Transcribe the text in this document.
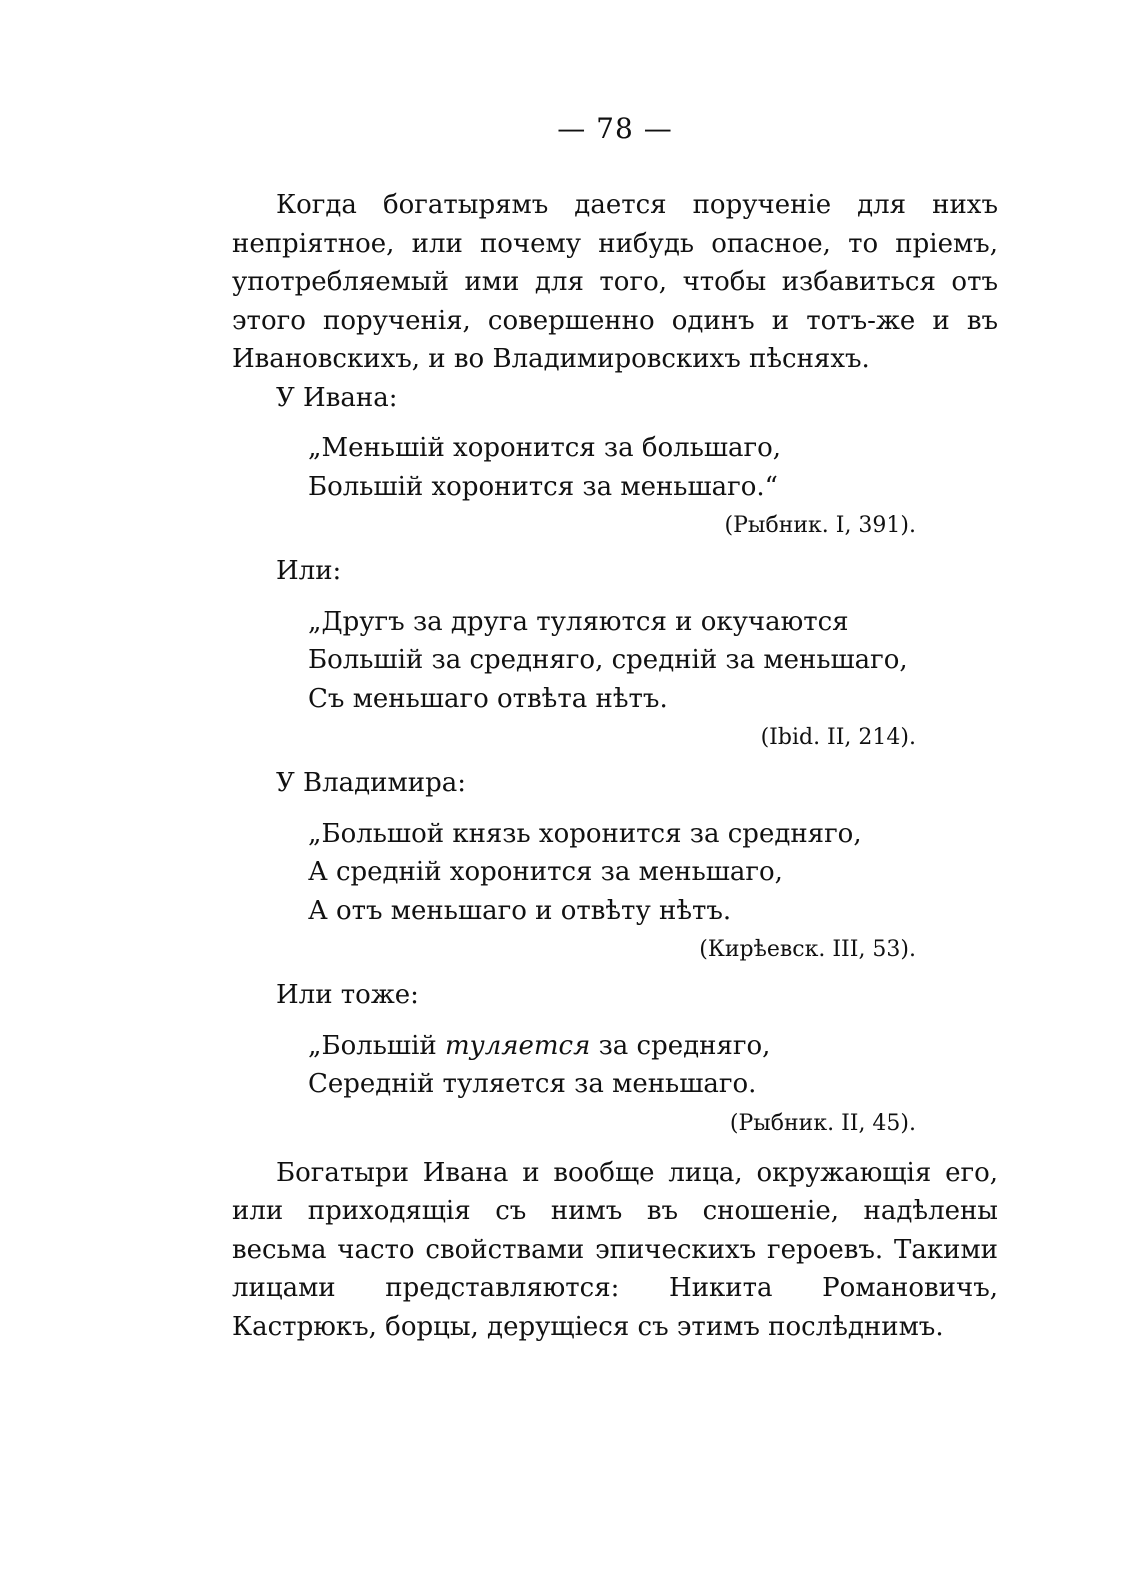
— 78 —

Когда богатырямъ дается порученіе для нихъ непріятное, или почему нибудь опасное, то пріемъ, употребляемый ими для того, чтобы избавиться отъ этого порученія, совершенно одинъ и тотъ-же и въ Ивановскихъ, и во Владимировскихъ пѣсняхъ.

У Ивана:

„Меньшій хоронится за большаго,
Большій хоронится за меньшаго.“
(Рыбник. I, 391).

Или:

„Другъ за друга туляются и окучаются
Большій за средняго, средній за меньшаго,
Съ меньшаго отвѣта нѣтъ.
(Ibid. II, 214).

У Владимира:

„Большой князь хоронится за средняго,
А средній хоронится за меньшаго,
А отъ меньшаго и отвѣту нѣтъ.
(Кирѣевск. III, 53).

Или тоже:

„Большій туляется за средняго,
Середній туляется за меньшаго.
(Рыбник. II, 45).

Богатыри Ивана и вообще лица, окружающія его, или приходящія съ нимъ въ сношеніе, надѣлены весьма часто свойствами эпическихъ героевъ. Такими лицами представляются: Никита Романовичъ, Кастрюкъ, борцы, дерущіеся съ этимъ послѣднимъ.
